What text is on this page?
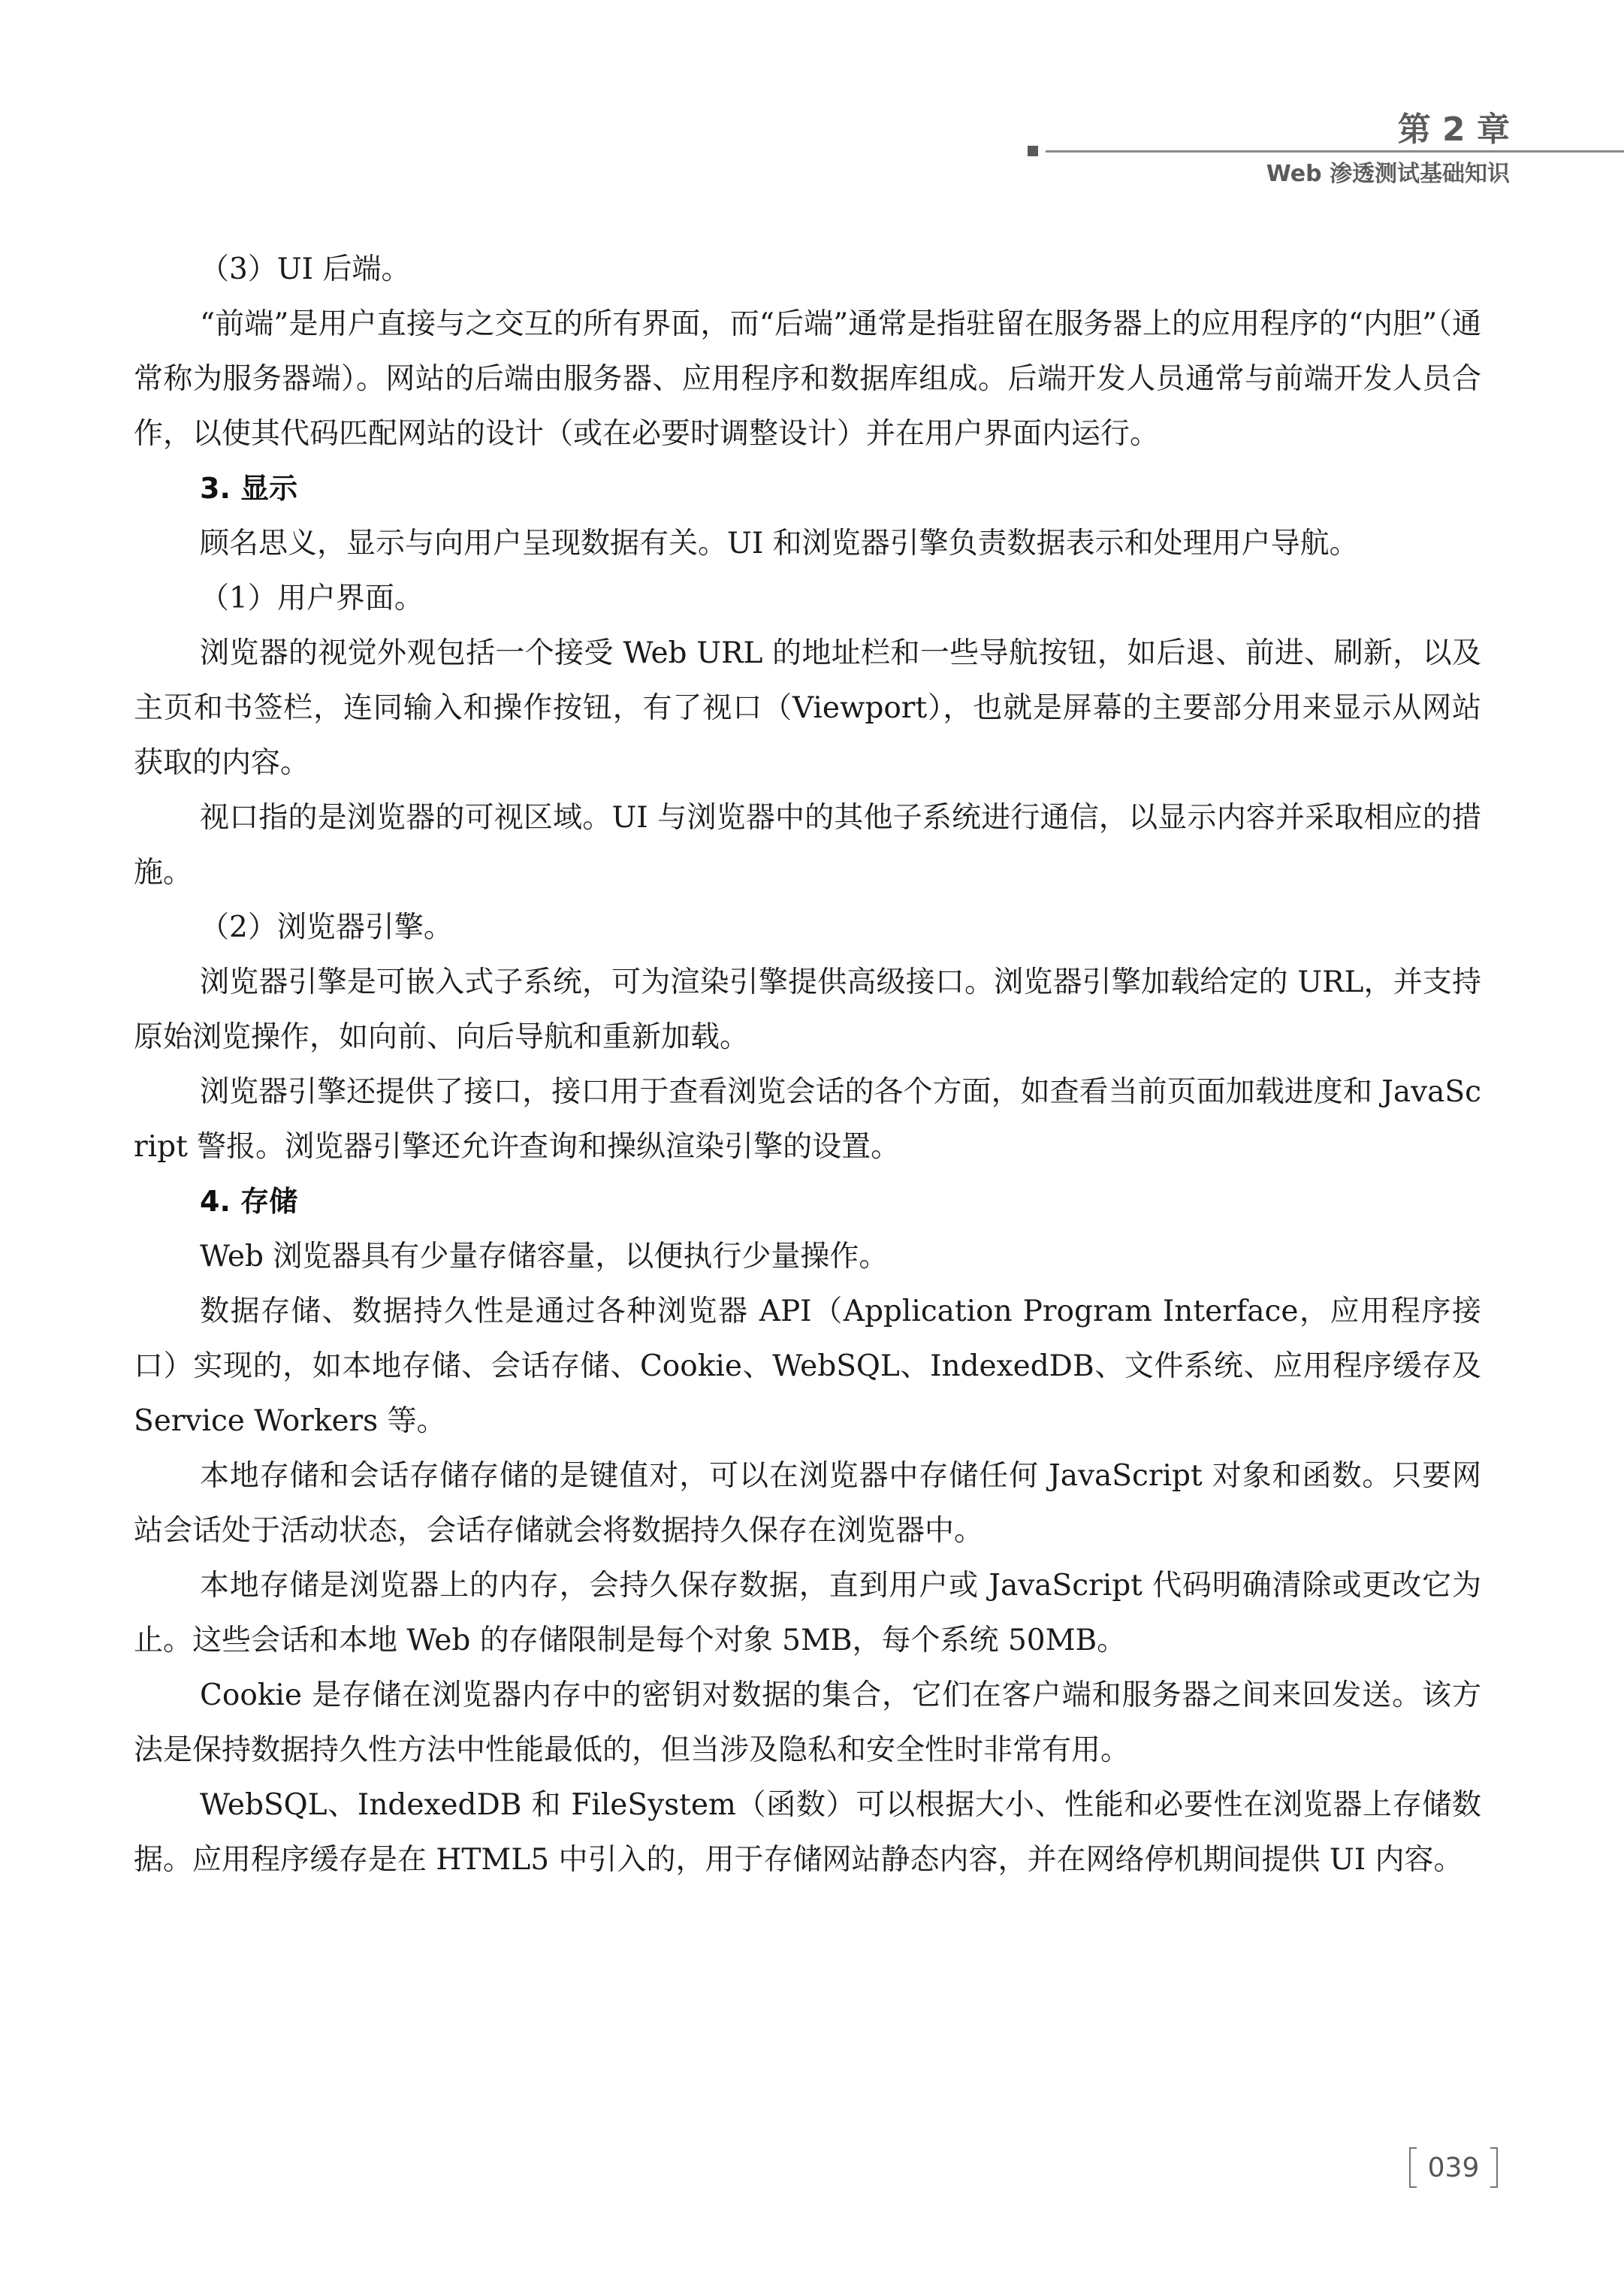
第 2 章
Web 渗透测试基础知识

（3）UI 后端。

“前端”是用户直接与之交互的所有界面，而“后端”通常是指驻留在服务器上的应用程序的“内胆”（通常称为服务器端）。网站的后端由服务器、应用程序和数据库组成。后端开发人员通常与前端开发人员合作，以使其代码匹配网站的设计（或在必要时调整设计）并在用户界面内运行。

3. 显示

顾名思义，显示与向用户呈现数据有关。UI 和浏览器引擎负责数据表示和处理用户导航。

（1）用户界面。

浏览器的视觉外观包括一个接受 Web URL 的地址栏和一些导航按钮，如后退、前进、刷新，以及主页和书签栏，连同输入和操作按钮，有了视口（Viewport），也就是屏幕的主要部分用来显示从网站获取的内容。

视口指的是浏览器的可视区域。UI 与浏览器中的其他子系统进行通信，以显示内容并采取相应的措施。

（2）浏览器引擎。

浏览器引擎是可嵌入式子系统，可为渲染引擎提供高级接口。浏览器引擎加载给定的 URL，并支持原始浏览操作，如向前、向后导航和重新加载。

浏览器引擎还提供了接口，接口用于查看浏览会话的各个方面，如查看当前页面加载进度和 JavaScript 警报。浏览器引擎还允许查询和操纵渲染引擎的设置。

4. 存储

Web 浏览器具有少量存储容量，以便执行少量操作。

数据存储、数据持久性是通过各种浏览器 API（Application Program Interface，应用程序接口）实现的，如本地存储、会话存储、Cookie、WebSQL、IndexedDB、文件系统、应用程序缓存及 Service Workers 等。

本地存储和会话存储存储的是键值对，可以在浏览器中存储任何 JavaScript 对象和函数。只要网站会话处于活动状态，会话存储就会将数据持久保存在浏览器中。

本地存储是浏览器上的内存，会持久保存数据，直到用户或 JavaScript 代码明确清除或更改它为止。这些会话和本地 Web 的存储限制是每个对象 5MB，每个系统 50MB。

Cookie 是存储在浏览器内存中的密钥对数据的集合，它们在客户端和服务器之间来回发送。该方法是保持数据持久性方法中性能最低的，但当涉及隐私和安全性时非常有用。

WebSQL、IndexedDB 和 FileSystem（函数）可以根据大小、性能和必要性在浏览器上存储数据。应用程序缓存是在 HTML5 中引入的，用于存储网站静态内容，并在网络停机期间提供 UI 内容。

039
